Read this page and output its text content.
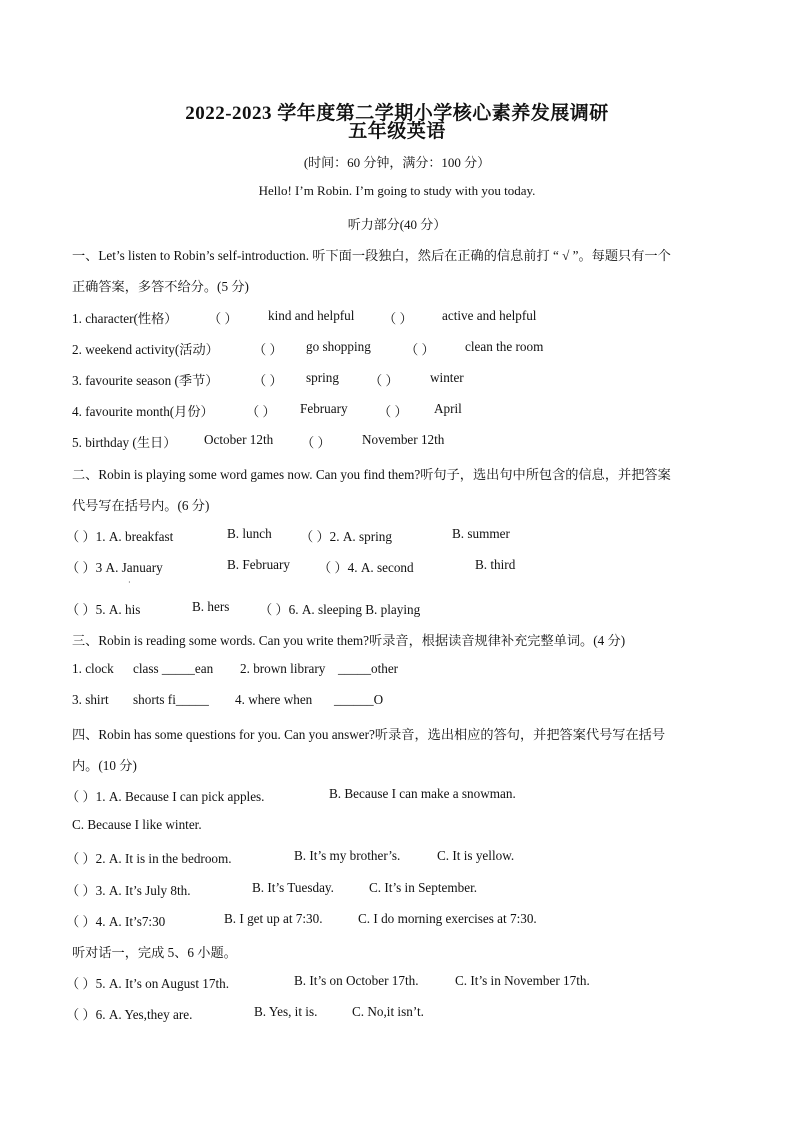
2022-2023 学年度第二学期小学核心素养发展调研
五年级英语
(时间：60 分钟，满分：100 分）
Hello! I’m Robin. I’m going to study with you today.
听力部分(40 分）
一、Let’s listen to Robin’s self-introduction. 听下面一段独白，然后在正确的信息前打 “ √ ”。每题只有一个
正确答案，多答不给分。(5 分)
1. character(性格） （ ） kind and helpful （ ） active and helpful
2. weekend activity(活动）	（ ） go shopping	（ ） clean the room
3. favourite season (季节）	（ ） spring （ ） winter
4. favourite month(月份） （ ） February （ ） April
5. birthday (生日） October 12th （ ） November 12th
二、Robin is playing some word games now. Can you find them?听句子，选出句中所包含的信息，并把答案
代号写在括号内。(6 分)
（ ）1. A. breakfast	B. lunch （ ）2. A. spring	B. summer
（ ）3 A. January	B. February （ ）4. A. second	B. third
·
（ ）5. A. his	B. hers （ ）6. A. sleeping B. playing
三、Robin is reading some words. Can you write them?听录音，根据读音规律补充完整单词。(4 分)
1. clock class _____ean 2. brown library _____other
3. shirt shorts fi_____ 4. where when ______O
四、Robin has some questions for you. Can you answer?听录音，选出相应的答句，并把答案代号写在括号
内。(10 分)
（ ）1. A. Because I can pick apples.	B. Because I can make a snowman.
C. Because I like winter.
（ ）2. A. It is in the bedroom.	B. It’s my brother’s.	C. It is yellow.
（ ）3. A. It’s July 8th.	B. It’s Tuesday.	C. It’s in September.
（ ）4. A. It’s7:30	B. I get up at 7:30.	C. I do morning exercises at 7:30.
听对话一，完成 5、6 小题。
（ ）5. A. It’s on August 17th.	B. It’s on October 17th.	C. It’s in November 17th.
（ ）6. A. Yes,they are.	B. Yes, it is.	C. No,it isn’t.
